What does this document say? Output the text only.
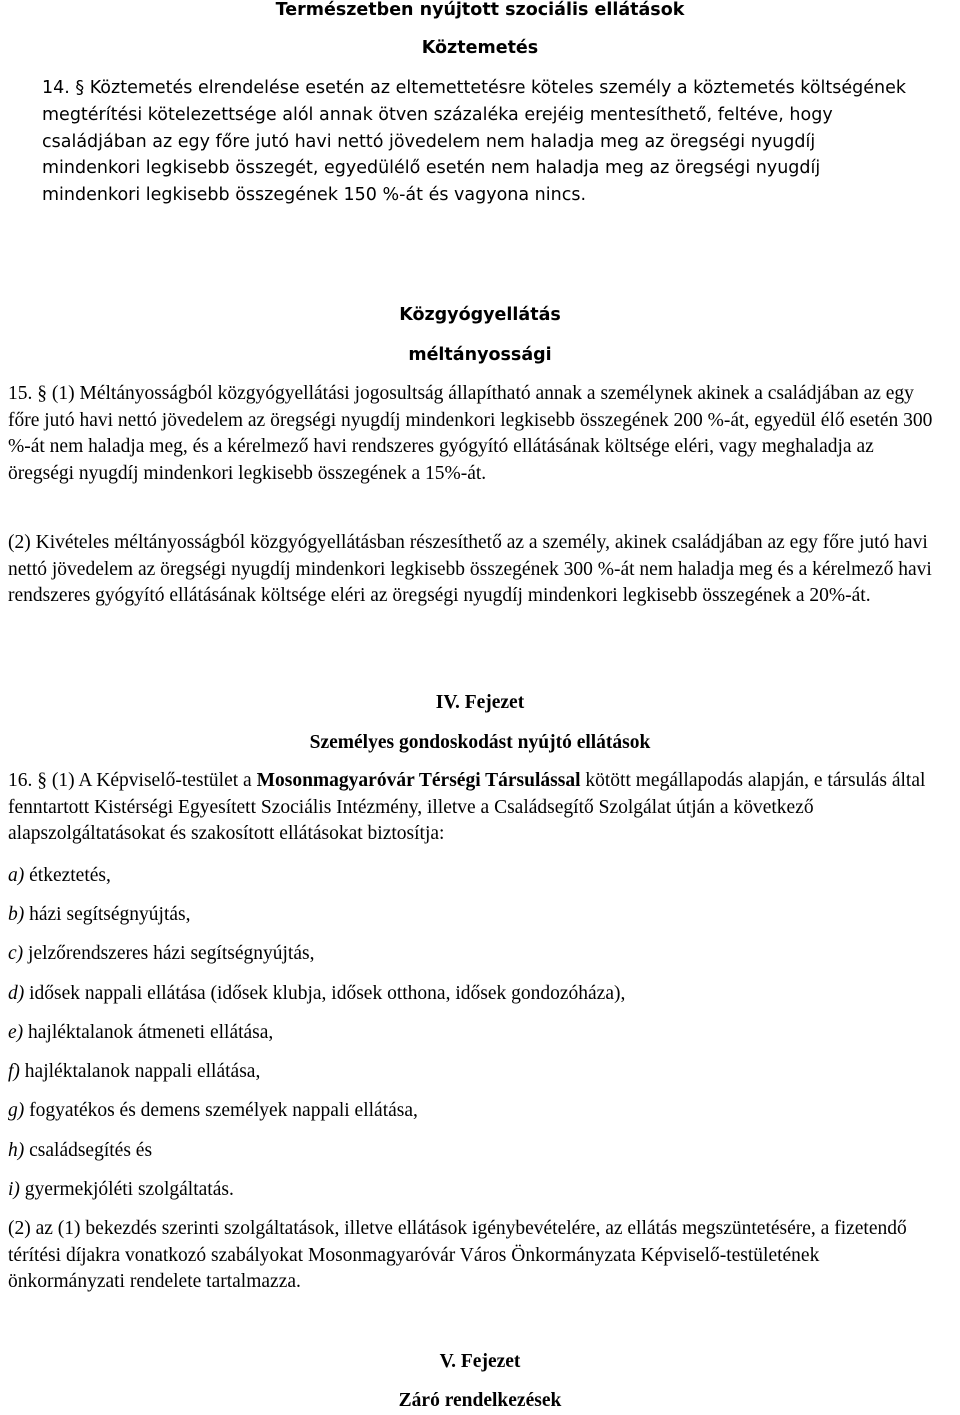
Természetben nyújtott szociális ellátások

Köztemetés

14. § Köztemetés elrendelése esetén az eltemettetésre köteles személy a köztemetés költségének

megtérítési kötelezettsége alól annak ötven százaléka erejéig mentesíthető, feltéve, hogy családjában az egy főre jutó havi nettó jövedelem nem haladja meg az öregségi nyugdíj mindenkori legkisebb összegét, egyedülélő esetén nem haladja meg az öregségi nyugdíj mindenkori legkisebb összegének 150 %-át és vagyona nincs.

Közgyógyellátás

méltányossági

15. § (1) Méltányosságból közgyógyellátási jogosultság állapítható annak a személynek akinek a családjában az egy főre jutó havi nettó jövedelem az öregségi nyugdíj mindenkori legkisebb összegének 200 %-át, egyedül élő esetén 300 %-át nem haladja meg, és a kérelmező havi rendszeres gyógyító ellátásának költsége eléri, vagy meghaladja az öregségi nyugdíj mindenkori legkisebb összegének a 15%-át.

(2) Kivételes méltányosságból közgyógyellátásban részesíthető az a személy, akinek családjában az egy főre jutó havi nettó jövedelem az öregségi nyugdíj mindenkori legkisebb összegének 300 %-át nem haladja meg és a kérelmező havi rendszeres gyógyító ellátásának költsége eléri az öregségi nyugdíj mindenkori legkisebb összegének a 20%-át.

IV. Fejezet

Személyes gondoskodást nyújtó ellátások

16. § (1) A Képviselő-testület a Mosonmagyaróvár Térségi Társulással kötött megállapodás alapján, e társulás által fenntartott Kistérségi Egyesített Szociális Intézmény, illetve a Családsegítő Szolgálat útján a következő alapszolgáltatásokat és szakosított ellátásokat biztosítja:

a) étkeztetés,

b) házi segítségnyújtás,

c) jelzőrendszeres házi segítségnyújtás,

d) idősek nappali ellátása (idősek klubja, idősek otthona, idősek gondozóháza),

e) hajléktalanok átmeneti ellátása,

f) hajléktalanok nappali ellátása,

g) fogyatékos és demens személyek nappali ellátása,

h) családsegítés és

i) gyermekjóléti szolgáltatás.

(2) az (1) bekezdés szerinti szolgáltatások, illetve ellátások igénybevételére, az ellátás megszüntetésére, a fizetendő térítési díjakra vonatkozó szabályokat Mosonmagyaróvár Város Önkormányzata Képviselő-testületének önkormányzati rendelete tartalmazza.

V. Fejezet

Záró rendelkezések
